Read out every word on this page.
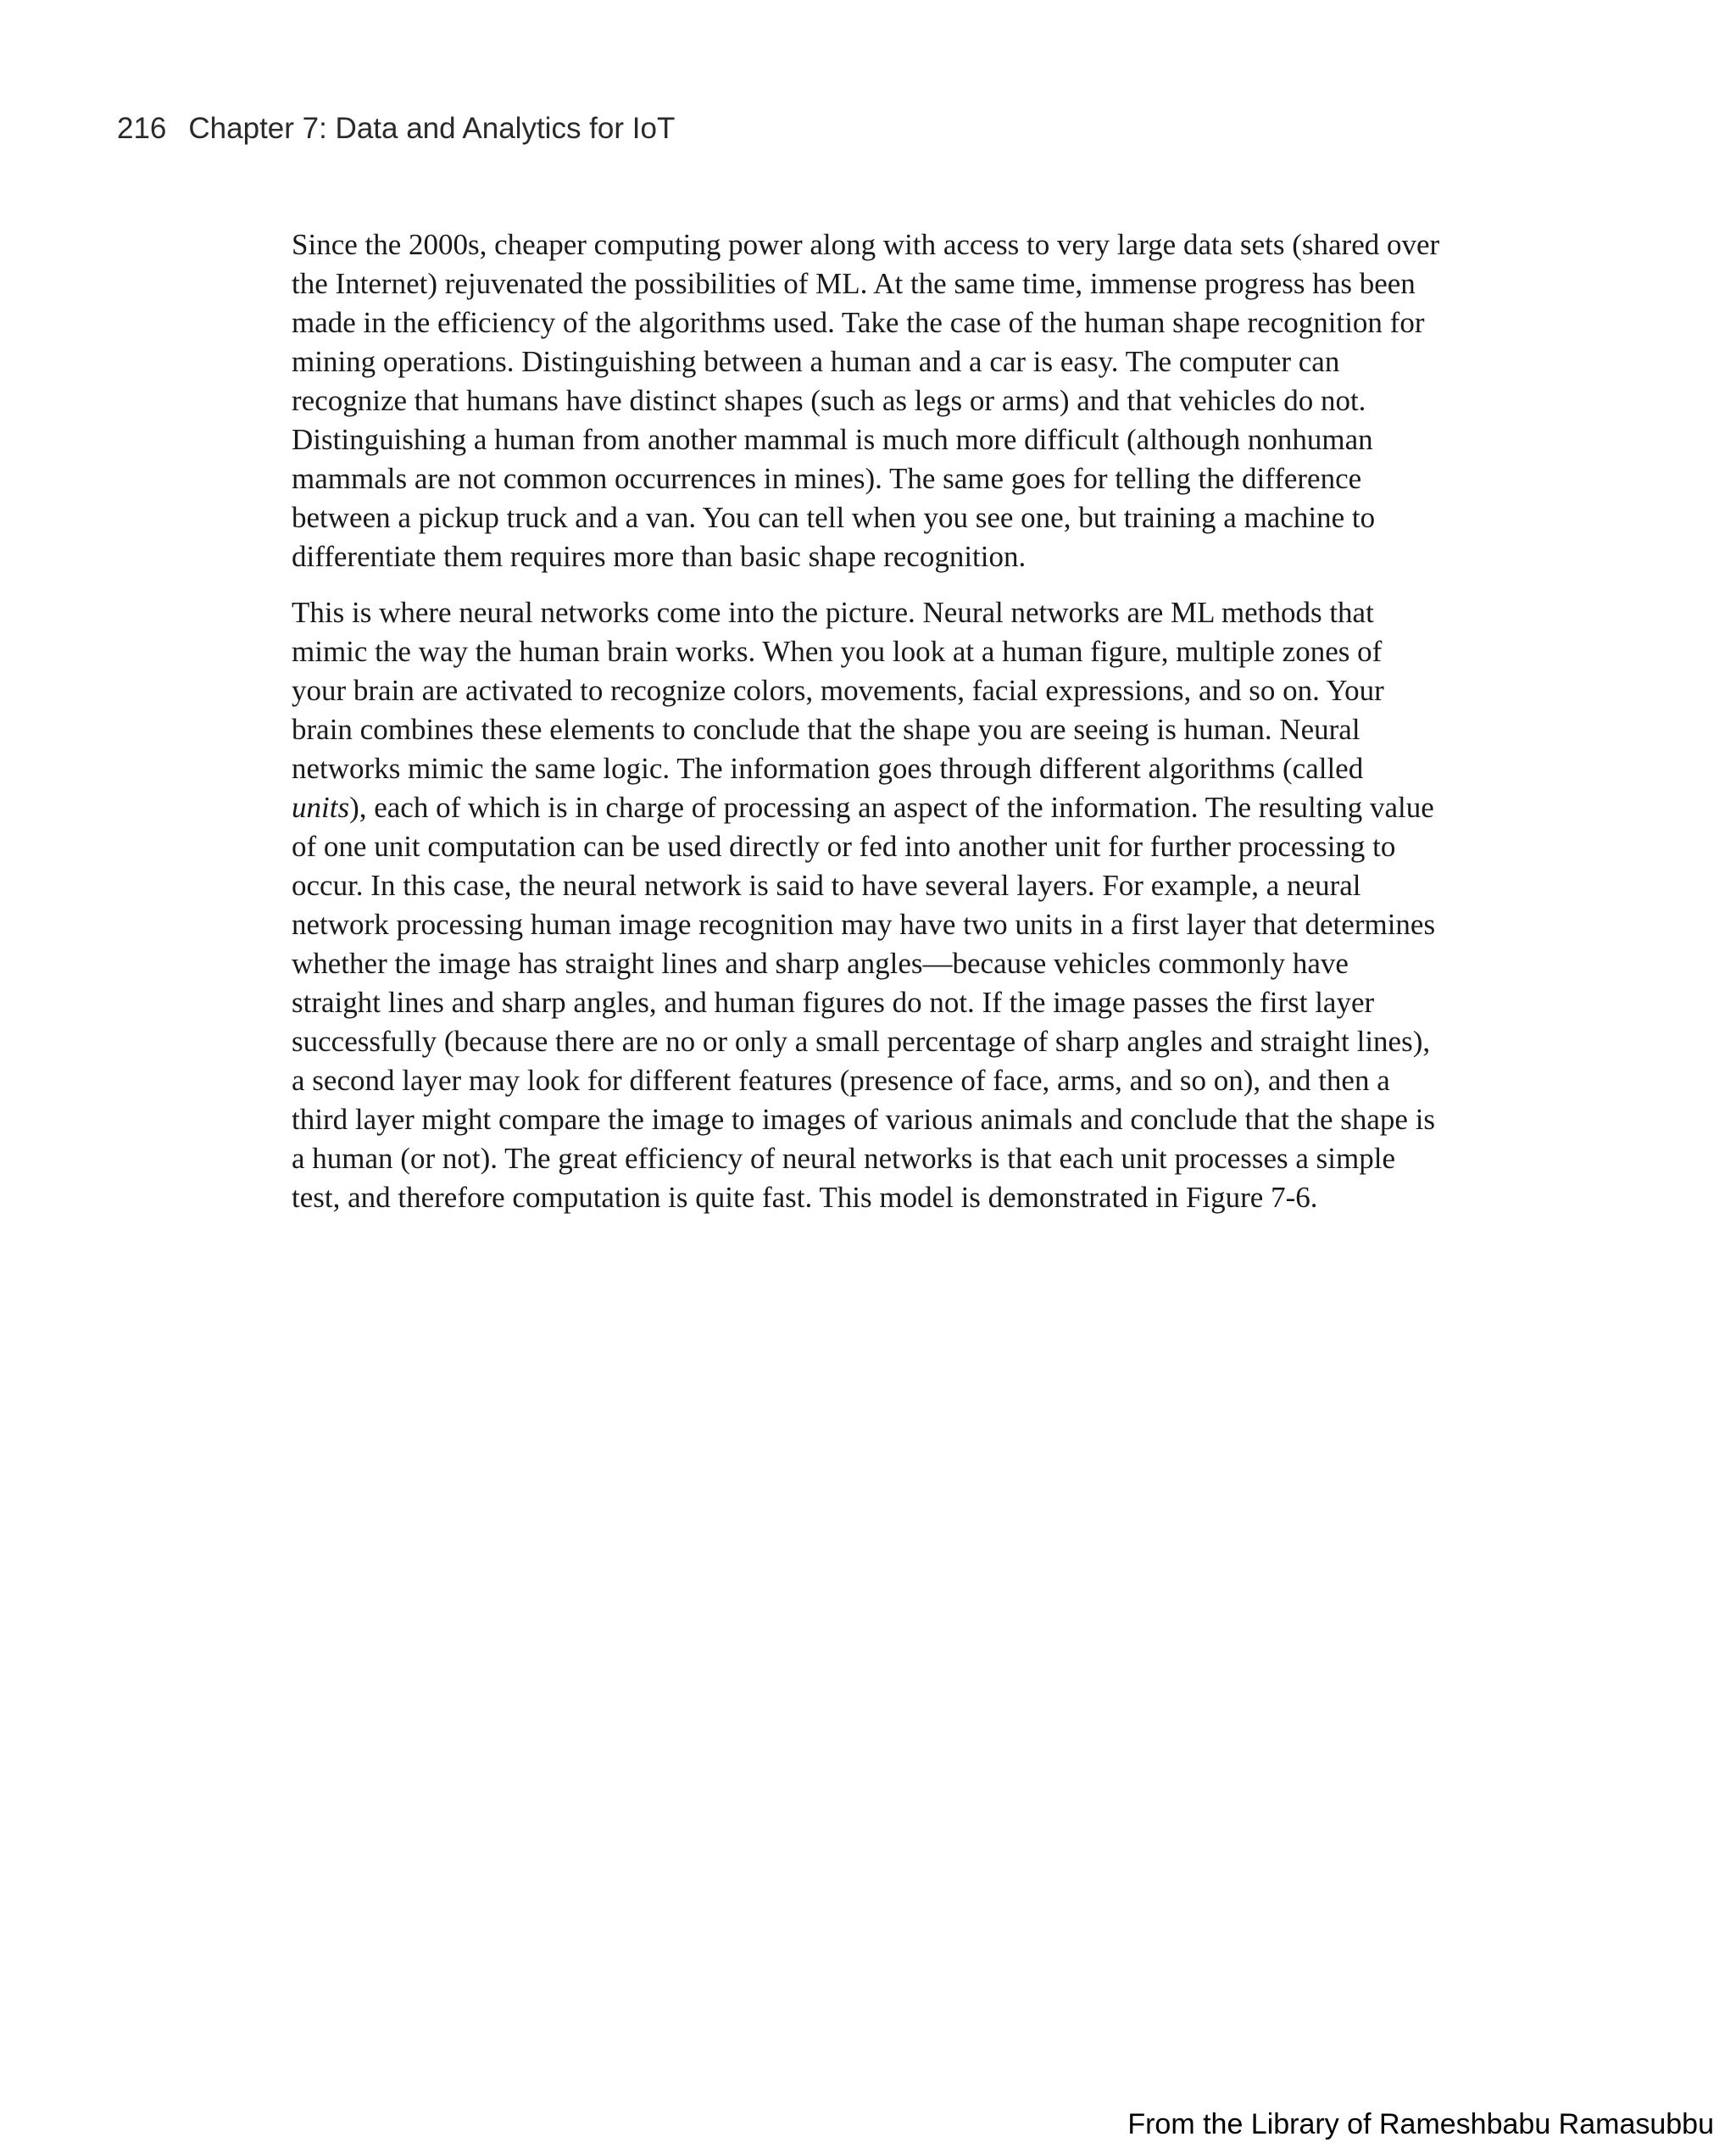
216 Chapter 7: Data and Analytics for IoT

Since the 2000s, cheaper computing power along with access to very large data sets (shared over the Internet) rejuvenated the possibilities of ML. At the same time, immense progress has been made in the efficiency of the algorithms used. Take the case of the human shape recognition for mining operations. Distinguishing between a human and a car is easy. The computer can recognize that humans have distinct shapes (such as legs or arms) and that vehicles do not. Distinguishing a human from another mammal is much more difficult (although nonhuman mammals are not common occurrences in mines). The same goes for telling the difference between a pickup truck and a van. You can tell when you see one, but training a machine to differentiate them requires more than basic shape recognition.

This is where neural networks come into the picture. Neural networks are ML methods that mimic the way the human brain works. When you look at a human figure, multiple zones of your brain are activated to recognize colors, movements, facial expressions, and so on. Your brain combines these elements to conclude that the shape you are seeing is human. Neural networks mimic the same logic. The information goes through different algorithms (called units), each of which is in charge of processing an aspect of the information. The resulting value of one unit computation can be used directly or fed into another unit for further processing to occur. In this case, the neural network is said to have several layers. For example, a neural network processing human image recognition may have two units in a first layer that determines whether the image has straight lines and sharp angles—because vehicles commonly have straight lines and sharp angles, and human figures do not. If the image passes the first layer successfully (because there are no or only a small percentage of sharp angles and straight lines), a second layer may look for different features (presence of face, arms, and so on), and then a third layer might compare the image to images of various animals and conclude that the shape is a human (or not). The great efficiency of neural networks is that each unit processes a simple test, and therefore computation is quite fast. This model is demonstrated in Figure 7-6.

From the Library of Rameshbabu Ramasubbu
